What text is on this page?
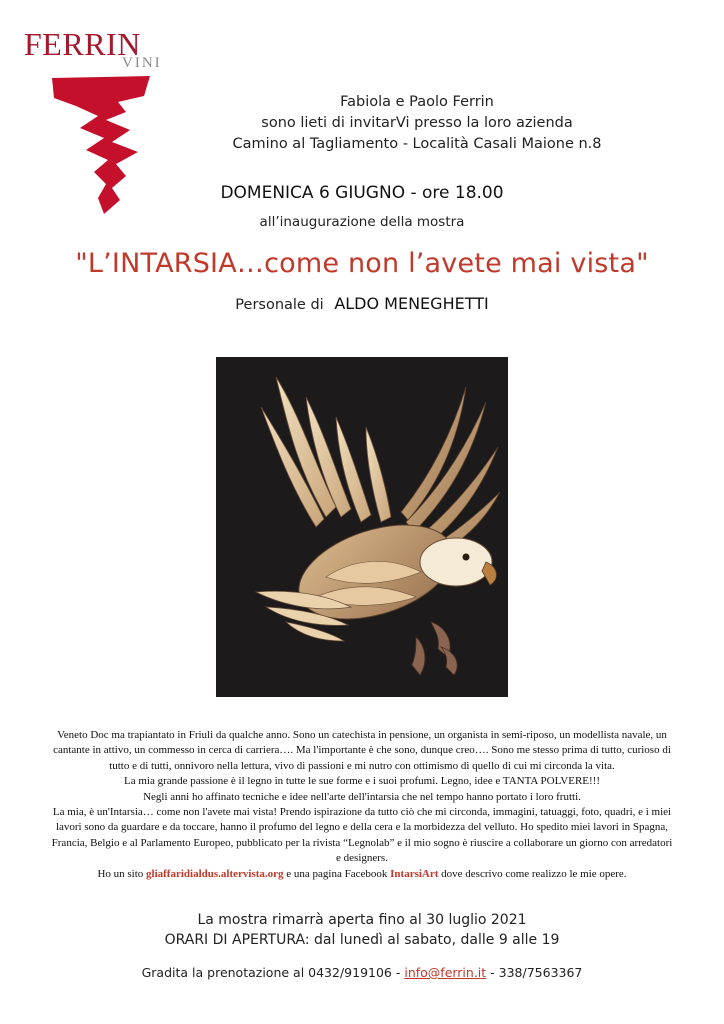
FERRIN
VINI
Fabiola e Paolo Ferrin
sono lieti di invitarVi presso la loro azienda
Camino al Tagliamento - Località Casali Maione n.8
DOMENICA 6 GIUGNO - ore 18.00
all’inaugurazione della mostra
"L’INTARSIA…come non l’avete mai vista"
Personale di ALDO MENEGHETTI

Veneto Doc ma trapiantato in Friuli da qualche anno. Sono un catechista in pensione, un organista in semi-riposo, un modellista navale, un cantante in attivo, un commesso in cerca di carriera…. Ma l'importante è che sono, dunque creo…. Sono me stesso prima di tutto, curioso di tutto e di tutti, onnivoro nella lettura, vivo di passioni e mi nutro con ottimismo di quello di cui mi circonda la vita.

La mia grande passione è il legno in tutte le sue forme e i suoi profumi. Legno, idee e TANTA POLVERE!!!

Negli anni ho affinato tecniche e idee nell'arte dell'intarsia che nel tempo hanno portato i loro frutti.

La mia, è un'Intarsia… come non l'avete mai vista! Prendo ispirazione da tutto ciò che mi circonda, immagini, tatuaggi, foto, quadri, e i miei lavori sono da guardare e da toccare, hanno il profumo del legno e della cera e la morbidezza del velluto. Ho spedito miei lavori in Spagna, Francia, Belgio e al Parlamento Europeo, pubblicato per la rivista “Legnolab” e il mio sogno è riuscire a collaborare un giorno con arredatori e designers.

Ho un sito gliaffaridialdus.altervista.org e una pagina Facebook IntarsiArt dove descrivo come realizzo le mie opere.

La mostra rimarrà aperta fino al 30 luglio 2021
ORARI DI APERTURA: dal lunedì al sabato, dalle 9 alle 19
Gradita la prenotazione al 0432/919106 - info@ferrin.it - 338/7563367
